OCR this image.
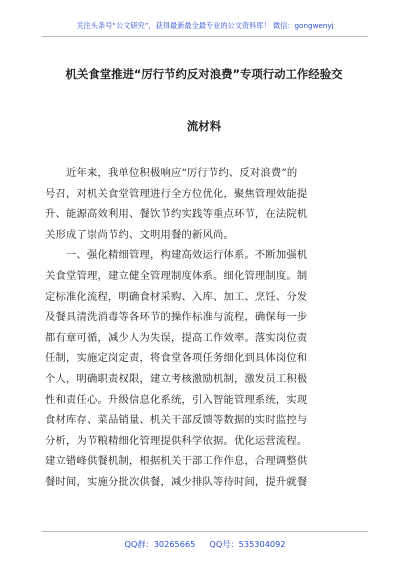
关注头条号“公文研究”，获得最新最全最专业的公文资料库！ 微信：gongwenyj
机关食堂推进“厉行节约反对浪费”专项行动工作经验交
流材料
　　近年来，我单位积极响应“厉行节约、反对浪费”的
号召，对机关食堂管理进行全方位优化，聚焦管理效能提
升、能源高效利用、餐饮节约实践等重点环节，在法院机
关形成了崇尚节约、文明用餐的新风尚。
　　一、强化精细管理，构建高效运行体系。不断加强机
关食堂管理，建立健全管理制度体系。细化管理制度。制
定标准化流程，明确食材采购、入库、加工、烹饪、分发
及餐具清洗消毒等各环节的操作标准与流程，确保每一步
都有章可循，减少人为失误，提高工作效率。落实岗位责
任制，实施定岗定责，将食堂各项任务细化到具体岗位和
个人，明确职责权限，建立考核激励机制，激发员工积极
性和责任心。升级信息化系统，引入智能管理系统，实现
食材库存、菜品销量、机关干部反馈等数据的实时监控与
分析，为节粮精细化管理提供科学依据。优化运营流程。
建立错峰供餐机制，根据机关干部工作作息，合理调整供
餐时间，实施分批次供餐，减少排队等待时间，提升就餐
QQ群：30265665 QQ号：535304092
